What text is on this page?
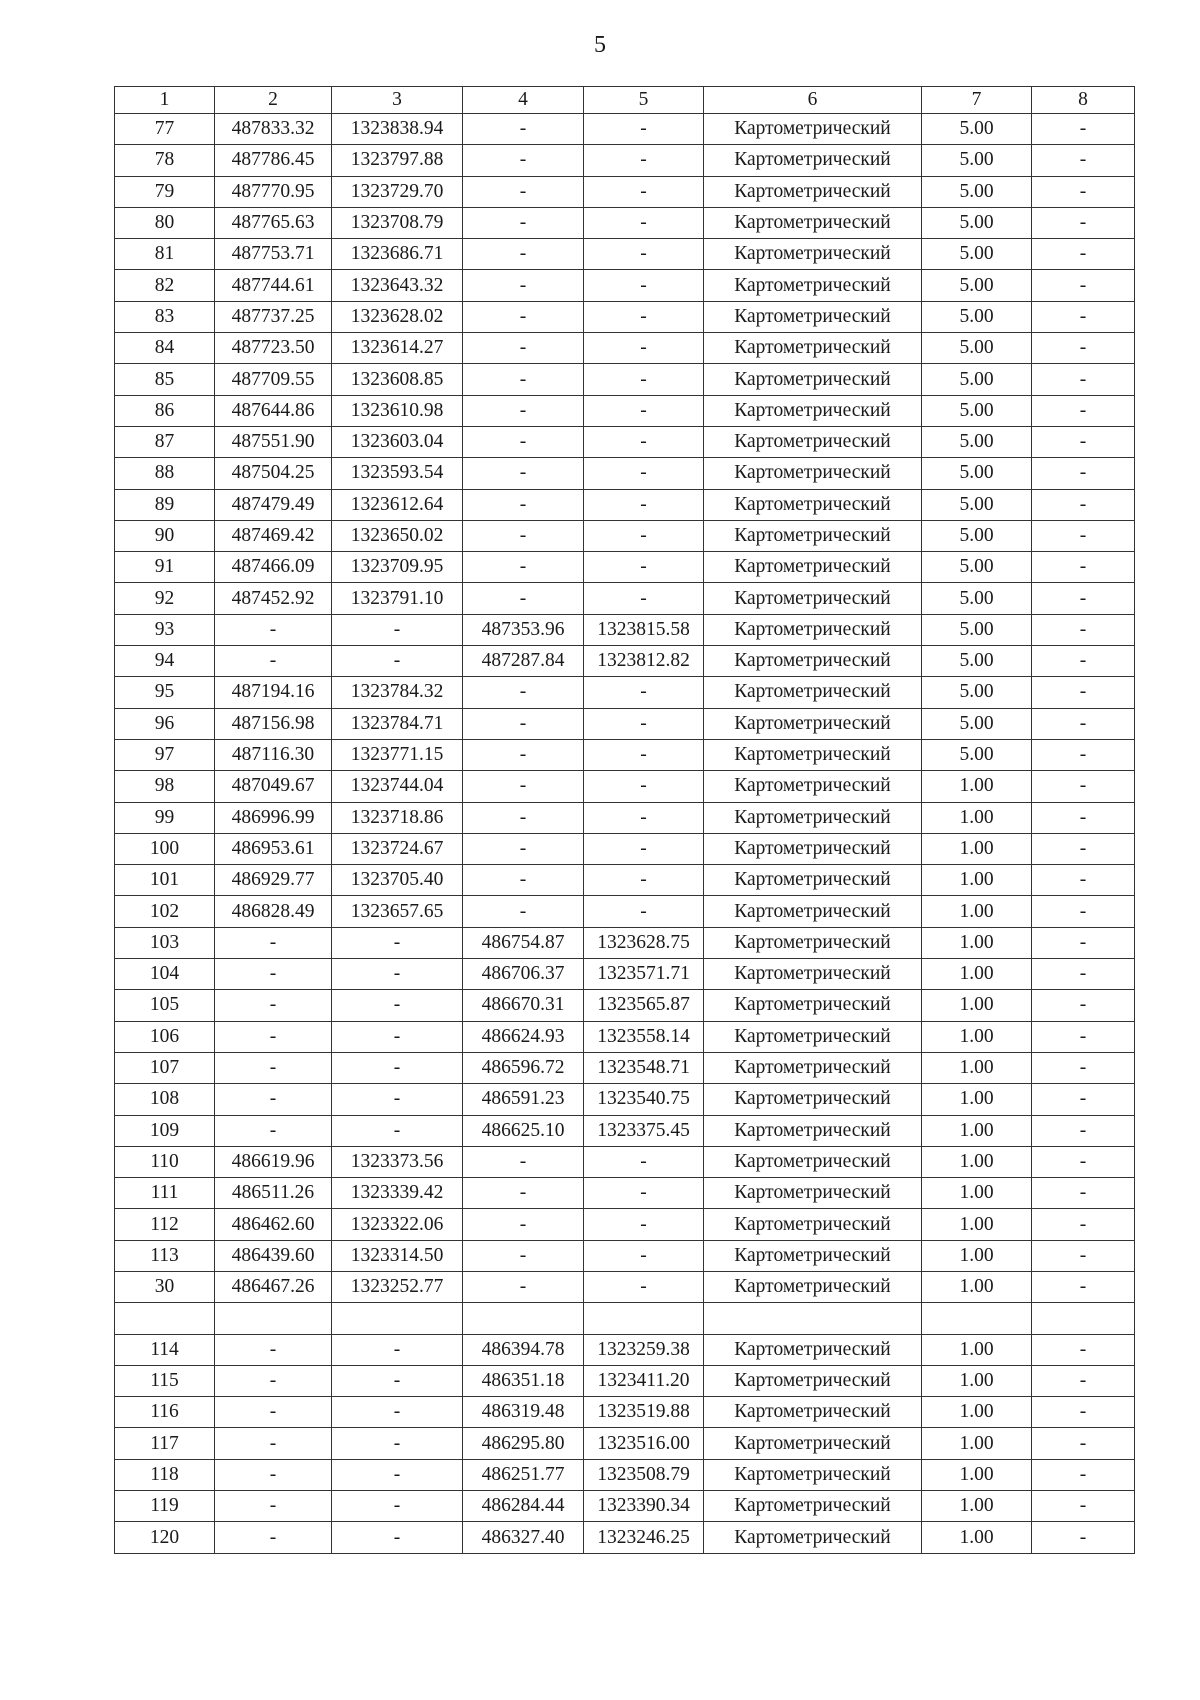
5
1	2	3	4	5	6	7	8
77	487833.32	1323838.94	-	-	Картометрический	5.00	-
78	487786.45	1323797.88	-	-	Картометрический	5.00	-
79	487770.95	1323729.70	-	-	Картометрический	5.00	-
80	487765.63	1323708.79	-	-	Картометрический	5.00	-
81	487753.71	1323686.71	-	-	Картометрический	5.00	-
82	487744.61	1323643.32	-	-	Картометрический	5.00	-
83	487737.25	1323628.02	-	-	Картометрический	5.00	-
84	487723.50	1323614.27	-	-	Картометрический	5.00	-
85	487709.55	1323608.85	-	-	Картометрический	5.00	-
86	487644.86	1323610.98	-	-	Картометрический	5.00	-
87	487551.90	1323603.04	-	-	Картометрический	5.00	-
88	487504.25	1323593.54	-	-	Картометрический	5.00	-
89	487479.49	1323612.64	-	-	Картометрический	5.00	-
90	487469.42	1323650.02	-	-	Картометрический	5.00	-
91	487466.09	1323709.95	-	-	Картометрический	5.00	-
92	487452.92	1323791.10	-	-	Картометрический	5.00	-
93	-	-	487353.96	1323815.58	Картометрический	5.00	-
94	-	-	487287.84	1323812.82	Картометрический	5.00	-
95	487194.16	1323784.32	-	-	Картометрический	5.00	-
96	487156.98	1323784.71	-	-	Картометрический	5.00	-
97	487116.30	1323771.15	-	-	Картометрический	5.00	-
98	487049.67	1323744.04	-	-	Картометрический	1.00	-
99	486996.99	1323718.86	-	-	Картометрический	1.00	-
100	486953.61	1323724.67	-	-	Картометрический	1.00	-
101	486929.77	1323705.40	-	-	Картометрический	1.00	-
102	486828.49	1323657.65	-	-	Картометрический	1.00	-
103	-	-	486754.87	1323628.75	Картометрический	1.00	-
104	-	-	486706.37	1323571.71	Картометрический	1.00	-
105	-	-	486670.31	1323565.87	Картометрический	1.00	-
106	-	-	486624.93	1323558.14	Картометрический	1.00	-
107	-	-	486596.72	1323548.71	Картометрический	1.00	-
108	-	-	486591.23	1323540.75	Картометрический	1.00	-
109	-	-	486625.10	1323375.45	Картометрический	1.00	-
110	486619.96	1323373.56	-	-	Картометрический	1.00	-
111	486511.26	1323339.42	-	-	Картометрический	1.00	-
112	486462.60	1323322.06	-	-	Картометрический	1.00	-
113	486439.60	1323314.50	-	-	Картометрический	1.00	-
30	486467.26	1323252.77	-	-	Картометрический	1.00	-

114	-	-	486394.78	1323259.38	Картометрический	1.00	-
115	-	-	486351.18	1323411.20	Картометрический	1.00	-
116	-	-	486319.48	1323519.88	Картометрический	1.00	-
117	-	-	486295.80	1323516.00	Картометрический	1.00	-
118	-	-	486251.77	1323508.79	Картометрический	1.00	-
119	-	-	486284.44	1323390.34	Картометрический	1.00	-
120	-	-	486327.40	1323246.25	Картометрический	1.00	-
